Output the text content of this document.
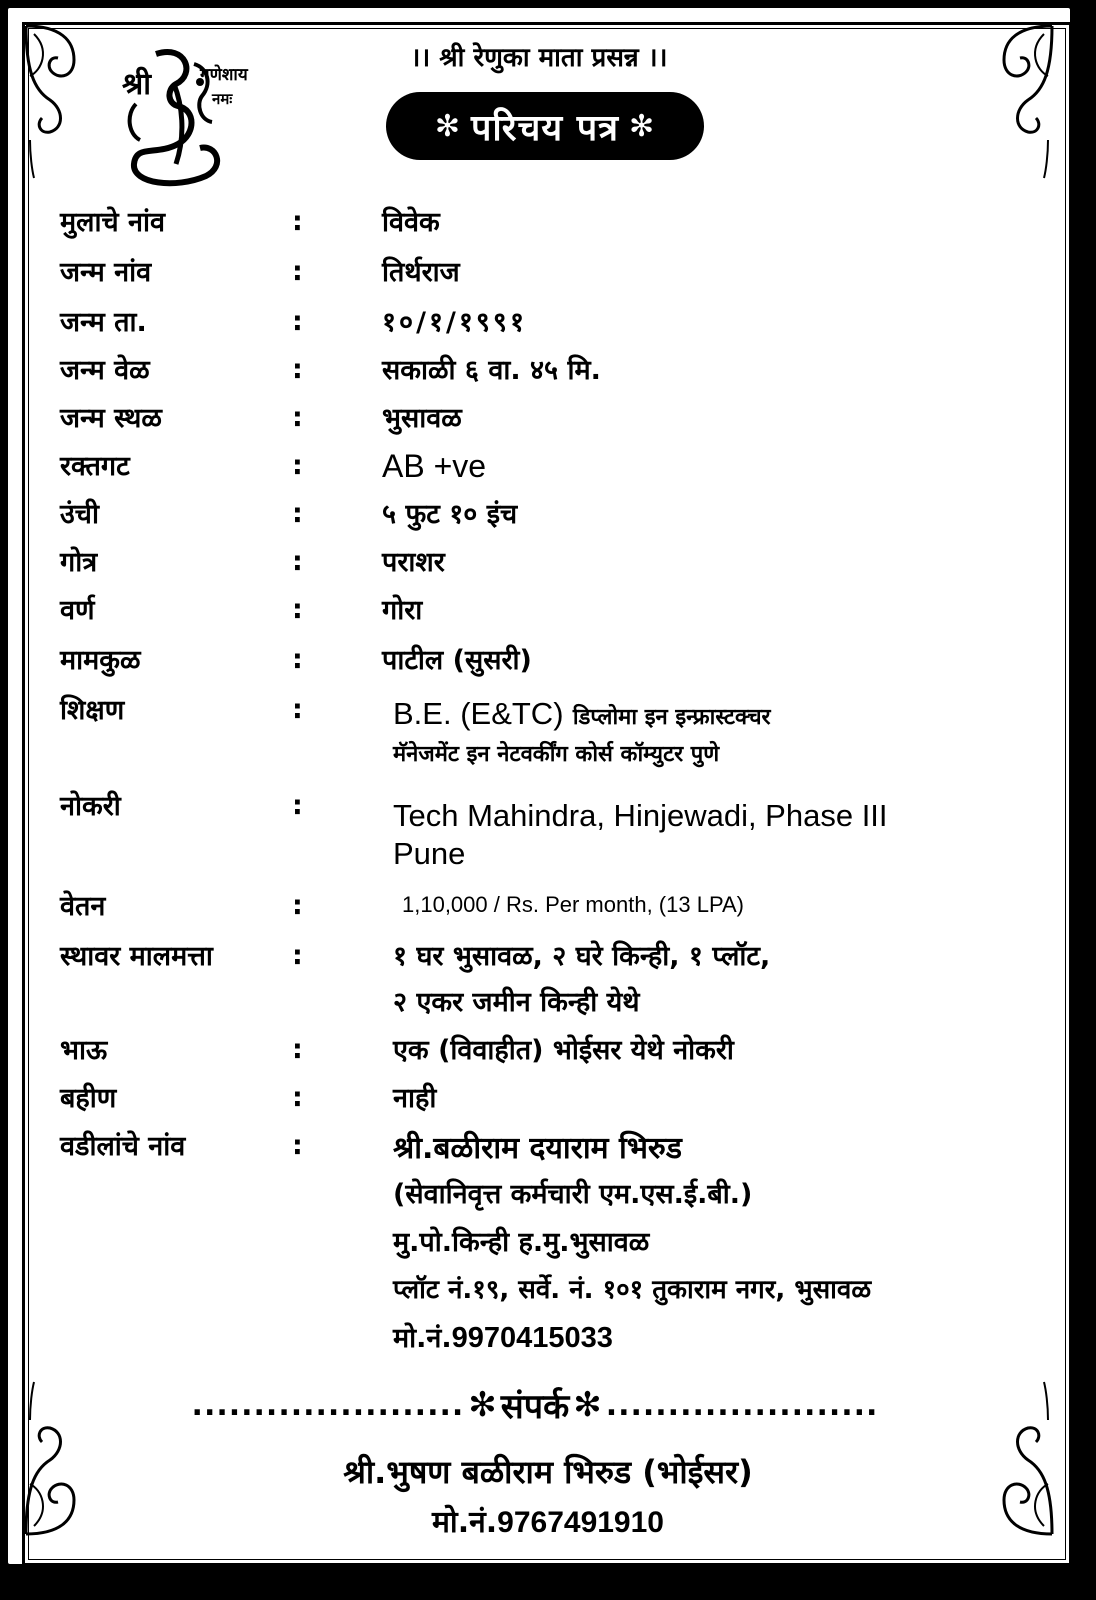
श्री	गणेशाय
नमः
।। श्री रेणुका माता प्रसन्न ।।
✻ परिचय पत्र ✻
मुलाचे नांव	:	विवेक
जन्म नांव	:	तिर्थराज
जन्म ता.	:	१०/१/१९९१
जन्म वेळ	:	सकाळी ६ वा. ४५ मि.
जन्म स्थळ	:	भुसावळ
रक्तगट	: AB +ve
उंची	:	५ फुट १० इंच
गोत्र	:	पराशर
वर्ण	:	गोरा
मामकुळ	:	पाटील (सुसरी)
शिक्षण	:	B.E. (E&TC) डिप्लोमा इन इन्फ्रास्टक्चर
मॅनेजमेंट इन नेटवर्कींग कोर्स कॉम्युटर पुणे
नोकरी	:	Tech Mahindra, Hinjewadi, Phase III
Pune
वेतन	:	1,10,000 / Rs. Per month, (13 LPA)
स्थावर मालमत्ता	:	१ घर भुसावळ, २ घरे किन्ही, १ प्लॉट,
२ एकर जमीन किन्ही येथे
भाऊ	:	एक (विवाहीत) भोईसर येथे नोकरी
बहीण	:	नाही
वडीलांचे नांव	:	श्री.बळीराम दयाराम भिरुड
(सेवानिवृत्त कर्मचारी एम.एस.ई.बी.)
मु.पो.किन्ही ह.मु.भुसावळ
प्लॉट नं.१९, सर्वे. नं. १०१ तुकाराम नगर, भुसावळ
मो.नं.9970415033
...................... ✻ संपर्क ✻ ......................
श्री.भुषण बळीराम भिरुड (भोईसर)
मो.नं.9767491910
